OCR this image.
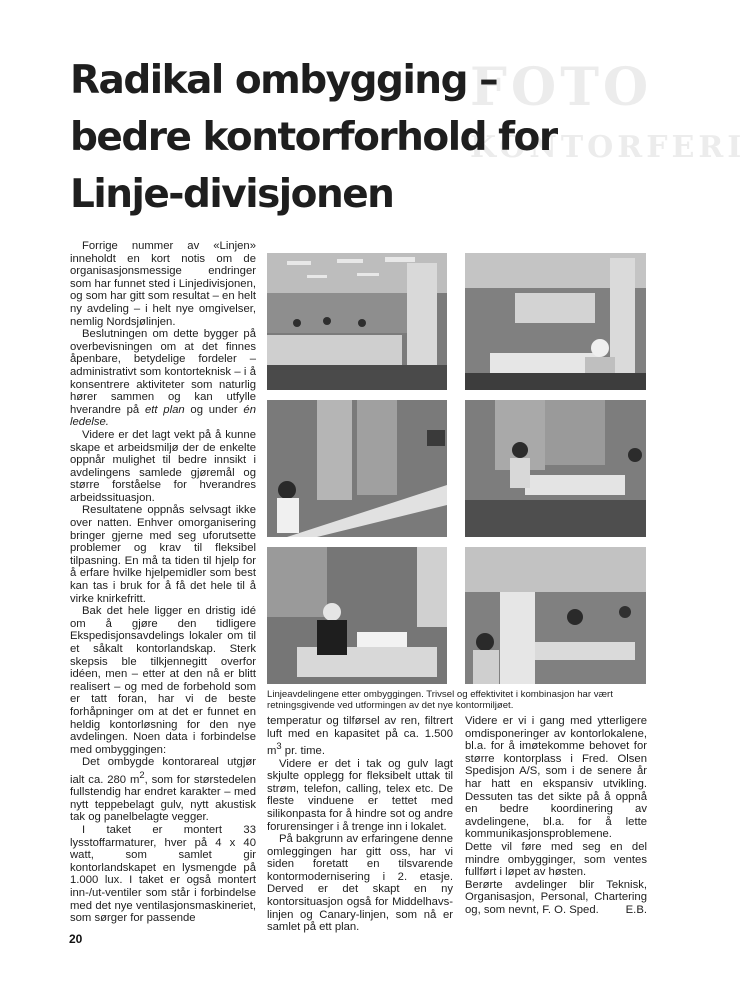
FOTO
KONTORFERI
Radikal ombygging –
bedre kontorforhold for
Linje-divisjonen

Forrige nummer av «Linjen» inneholdt en kort notis om de organisasjonsmessige endringer som har funnet sted i Linjedivisjonen, og som har gitt som resultat – en helt ny avdeling – i helt nye omgivelser, nemlig Nordsjølinjen.

Beslutningen om dette bygger på overbevisningen om at det finnes åpenbare, betydelige fordeler – administrativt som kontorteknisk – i å konsentrere aktiviteter som naturlig hører sammen og kan utfylle hverandre på ett plan og under én ledelse.

Videre er det lagt vekt på å kunne skape et arbeidsmiljø der de enkelte oppnår mulighet til bedre innsikt i avdelingens samlede gjøremål og større forståelse for hverandres arbeidssituasjon.

Resultatene oppnås selvsagt ikke over natten. Enhver omorganisering bringer gjerne med seg uforutsette problemer og krav til fleksibel tilpasning. En må ta tiden til hjelp for å erfare hvilke hjelpemidler som best kan tas i bruk for å få det hele til å virke knirkefritt.

Bak det hele ligger en dristig idé om å gjøre den tidligere Ekspedisjonsavdelings lokaler om til et såkalt kontorlandskap. Sterk skepsis ble tilkjennegitt overfor idéen, men – etter at den nå er blitt realisert – og med de forbehold som er tatt foran, har vi de beste forhåpninger om at det er funnet en heldig kontorløsning for den nye avdelingen. Noen data i forbindelse med ombyggingen:

Det ombygde kontorareal utgjør ialt ca. 280 $m^2$, som for størstedelen fullstendig har endret karakter – med nytt teppebelagt gulv, nytt akustisk tak og panelbelagte vegger.

I taket er montert 33 lysstoffarmaturer, hver på 4 x 40 watt, som samlet gir kontorlandskapet en lysmengde på 1.000 lux. I taket er også montert inn-/ut-ventiler som står i forbindelse med det nye ventilasjonsmaskineriet, som sørger for passende

Linjeavdelingene etter ombyggingen. Trivsel og effektivitet i kombinasjon har vært retningsgivende ved utformingen av det nye kontormiljøet.

temperatur og tilførsel av ren, filtrert luft med en kapasitet på ca. 1.500 $m^3$ pr. time.

Videre er det i tak og gulv lagt skjulte opplegg for fleksibelt uttak til strøm, telefon, calling, telex etc. De fleste vinduene er tettet med silikonpasta for å hindre sot og andre forurensinger i å trenge inn i lokalet.

På bakgrunn av erfaringene denne omleggingen har gitt oss, har vi siden foretatt en tilsvarende kontormodernisering i 2. etasje. Derved er det skapt en ny kontorsituasjon også for Middelhavs-linjen og Canary-linjen, som nå er samlet på ett plan.

Videre er vi i gang med ytterligere omdisponeringer av kontorlokalene, bl.a. for å imøtekomme behovet for større kontorplass i Fred. Olsen Spedisjon A/S, som i de senere år har hatt en ekspansiv utvikling. Dessuten tas det sikte på å oppnå en bedre koordinering av avdelingene, bl.a. for å lette kommunikasjonsproblemene.

Dette vil føre med seg en del mindre ombygginger, som ventes fullført i løpet av høsten.

Berørte avdelinger blir Teknisk, Organisasjon, Personal, Chartering og, som nevnt, F. O. Sped. E.B.

20
